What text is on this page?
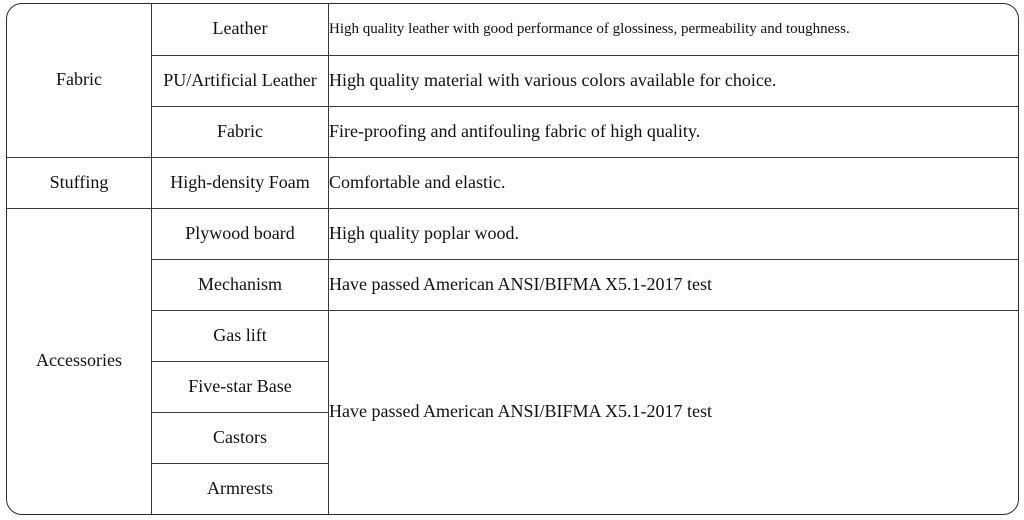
Fabric	Leather	High quality leather with good performance of glossiness, permeability and toughness.
	PU/Artificial Leather	High quality material with various colors available for choice.
	Fabric	Fire-proofing and antifouling fabric of high quality.
Stuffing	High-density Foam	Comfortable and elastic.
Accessories	Plywood board	High quality poplar wood.
	Mechanism	Have passed American ANSI/BIFMA X5.1-2017 test
	Gas lift	Have passed American ANSI/BIFMA X5.1-2017 test
	Five-star Base	
	Castors	
	Armrests	
